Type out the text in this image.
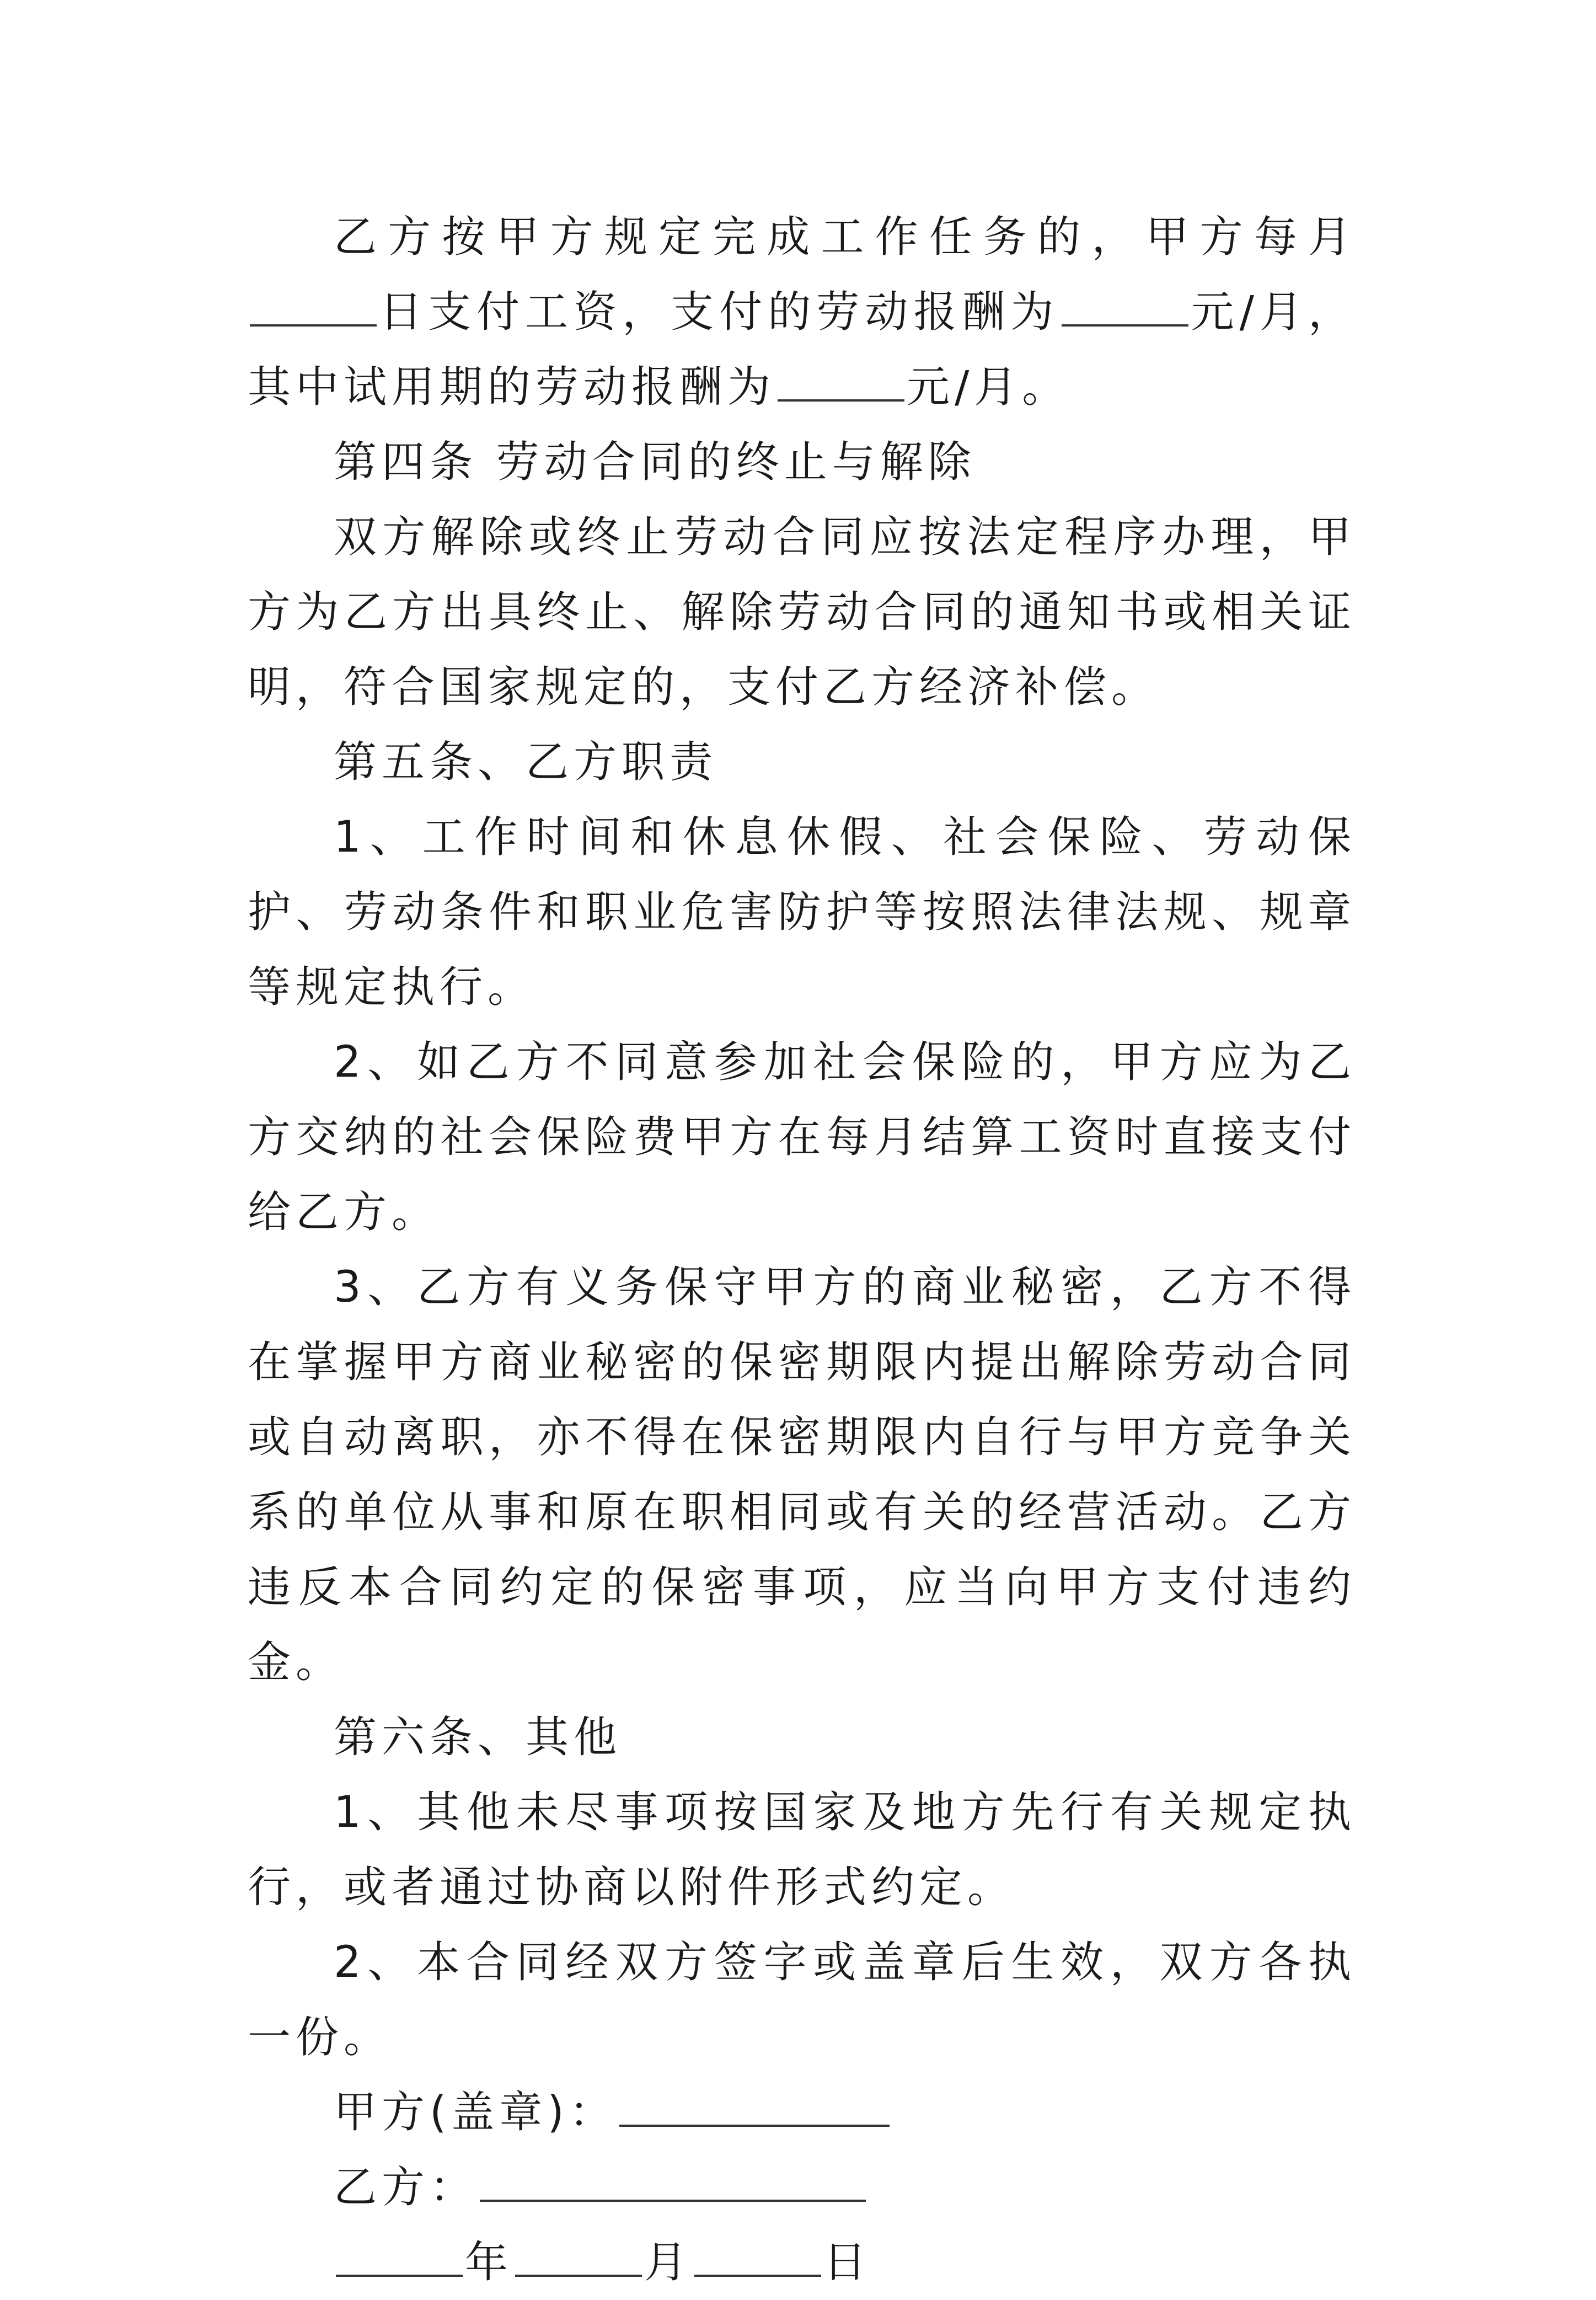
乙方按甲方规定完成工作任务的，甲方每月日支付工资，支付的劳动报酬为	元/月，其中试用期的劳动报酬为	元/月。

第四条 劳动合同的终止与解除

双方解除或终止劳动合同应按法定程序办理，甲方为乙方出具终止、解除劳动合同的通知书或相关证明，符合国家规定的，支付乙方经济补偿。

第五条、乙方职责

1、工作时间和休息休假、社会保险、劳动保护、劳动条件和职业危害防护等按照法律法规、规章等规定执行。

2、如乙方不同意参加社会保险的，甲方应为乙方交纳的社会保险费甲方在每月结算工资时直接支付给乙方。

3、乙方有义务保守甲方的商业秘密，乙方不得在掌握甲方商业秘密的保密期限内提出解除劳动合同或自动离职，亦不得在保密期限内自行与甲方竞争关系的单位从事和原在职相同或有关的经营活动。乙方违反本合同约定的保密事项，应当向甲方支付违约金。

第六条、其他

1、其他未尽事项按国家及地方先行有关规定执行，或者通过协商以附件形式约定。

2、本合同经双方签字或盖章后生效，双方各执一份。

甲方(盖章)：

乙方：

年	月	日
